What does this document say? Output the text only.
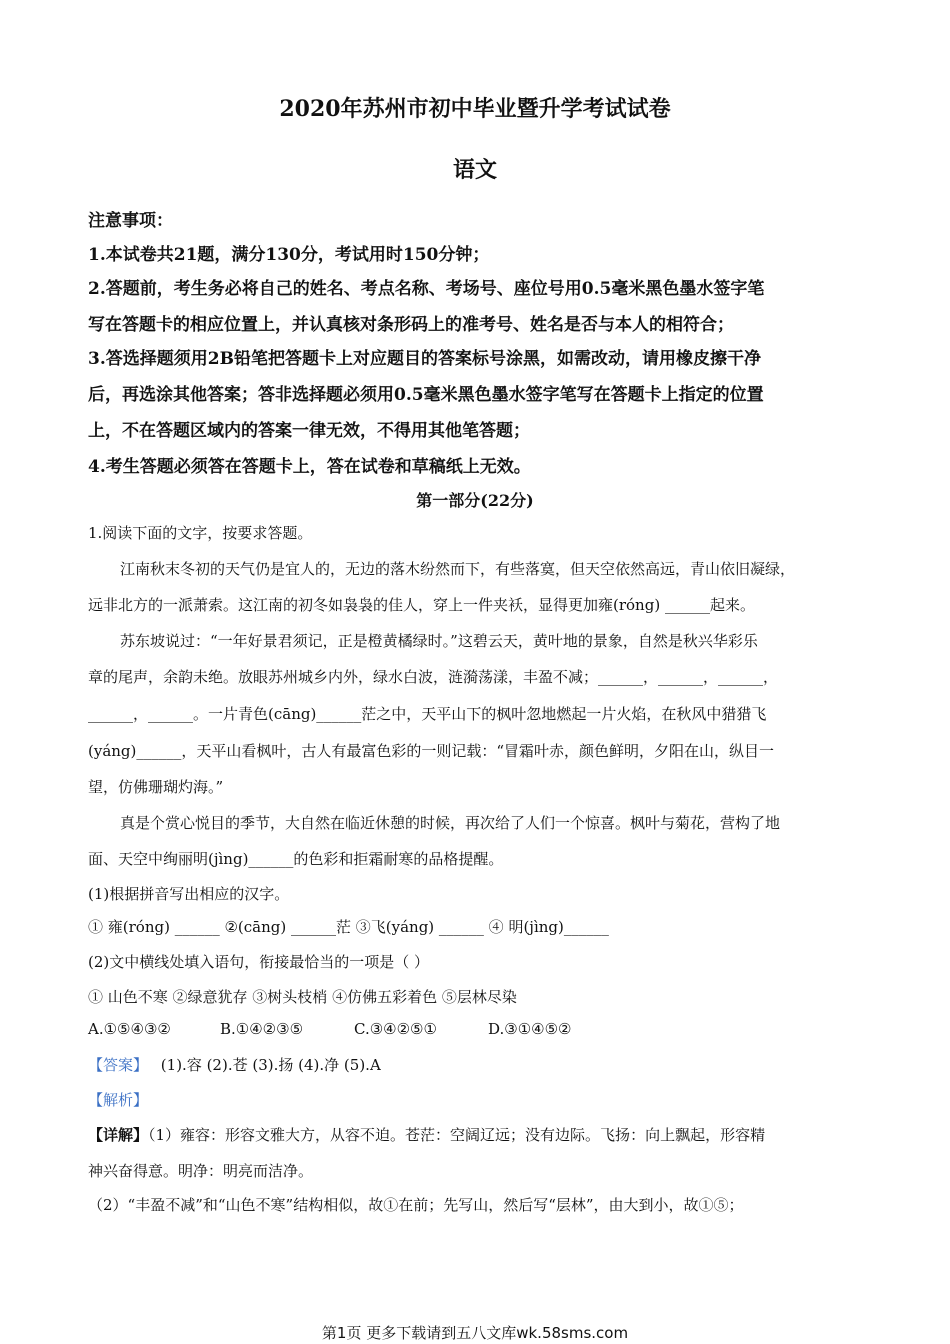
2020年苏州市初中毕业暨升学考试试卷
语文
注意事项：
1.本试卷共21题，满分130分，考试用时150分钟；
2.答题前，考生务必将自己的姓名、考点名称、考场号、座位号用0.5毫米黑色墨水签字笔
写在答题卡的相应位置上，并认真核对条形码上的准考号、姓名是否与本人的相符合；
3.答选择题须用2B铅笔把答题卡上对应题目的答案标号涂黑，如需改动，请用橡皮擦干净
后，再选涂其他答案；答非选择题必须用0.5毫米黑色墨水签字笔写在答题卡上指定的位置
上，不在答题区域内的答案一律无效，不得用其他笔答题；
4.考生答题必须答在答题卡上，答在试卷和草稿纸上无效。
第一部分(22分)
1.阅读下面的文字，按要求答题。
江南秋末冬初的天气仍是宜人的，无边的落木纷然而下，有些落寞，但天空依然高远，青山依旧凝绿，
远非北方的一派萧索。这江南的初冬如袅袅的佳人，穿上一件夹袄，显得更加雍(róng) ______起来。
苏东坡说过：“一年好景君须记，正是橙黄橘绿时。”这碧云天，黄叶地的景象，自然是秋兴华彩乐
章的尾声，余韵未绝。放眼苏州城乡内外，绿水白波，涟漪荡漾，丰盈不减；______，______，______，
______，______。一片青色(cāng)______茫之中，天平山下的枫叶忽地燃起一片火焰，在秋风中猎猎飞
(yáng)______，天平山看枫叶，古人有最富色彩的一则记载：“冒霜叶赤，颜色鲜明，夕阳在山，纵目一
望，仿佛珊瑚灼海。”
真是个赏心悦目的季节，大自然在临近休憩的时候，再次给了人们一个惊喜。枫叶与菊花，营构了地
面、天空中绚丽明(jìng)______的色彩和拒霜耐寒的品格提醒。
(1)根据拼音写出相应的汉字。
① 雍(róng) ______ ②(cāng) ______茫 ③飞(yáng) ______ ④ 明(jìng)______
(2)文中横线处填入语句，衔接最恰当的一项是（ ）
① 山色不寒 ②绿意犹存 ③树头枝梢 ④仿佛五彩着色 ⑤层林尽染
A.①⑤④③②	B.①④②③⑤	C.③④②⑤①	D.③①④⑤②
【答案】 (1).容 (2).苍 (3).扬 (4).净 (5).A
【解析】
【详解】（1）雍容：形容文雅大方，从容不迫。苍茫：空阔辽远；没有边际。飞扬：向上飘起，形容精
神兴奋得意。明净：明亮而洁净。
（2）“丰盈不减”和“山色不寒”结构相似，故①在前；先写山，然后写“层林”，由大到小，故①⑤；
第1页 更多下载请到五八文库wk.58sms.com
